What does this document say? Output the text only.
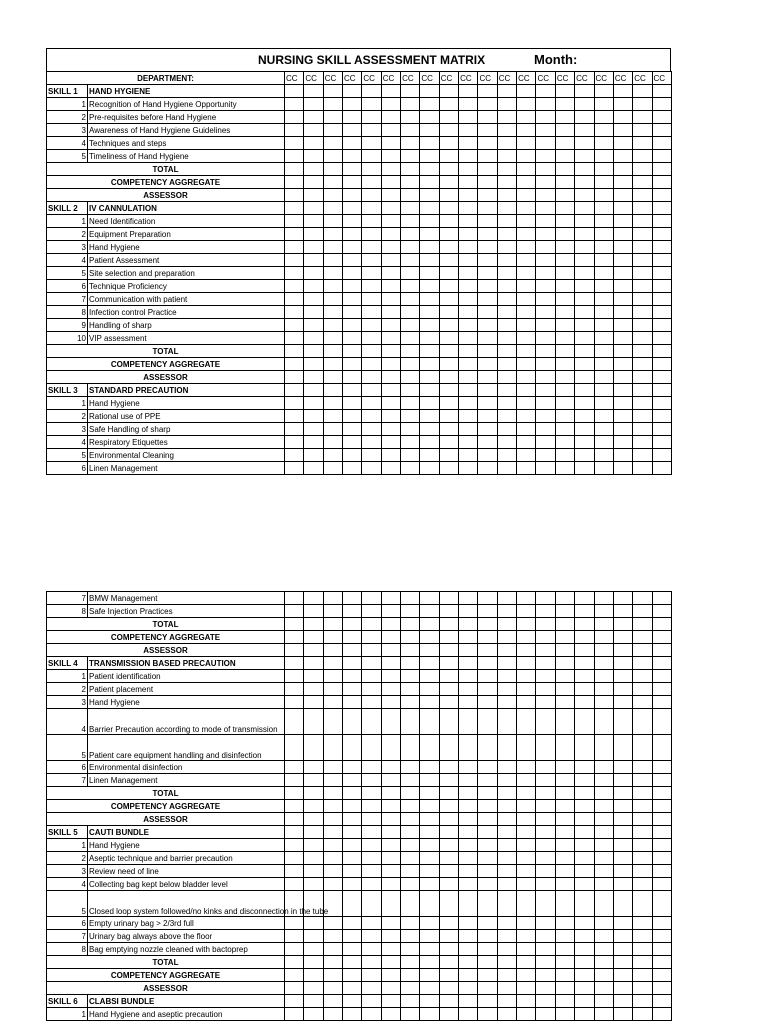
NURSING SKILL ASSESSMENT MATRIX	Month:
DEPARTMENT:		CC	CC	CC	CC	CC	CC	CC	CC	CC	CC	CC	CC	CC	CC	CC	CC	CC	CC	CC	CC
SKILL 1	HAND HYGIENE																				
1	Recognition of Hand Hygiene Opportunity																				
2	Pre-requisites before Hand Hygiene																				
3	Awareness of Hand Hygiene Guidelines																				
4	Techniques and steps																				
5	Timeliness of Hand Hygiene																				
TOTAL																					
COMPETENCY AGGREGATE																					
ASSESSOR																					
SKILL 2	IV CANNULATION																				
1	Need Identification																				
2	Equipment Preparation																				
3	Hand Hygiene																				
4	Patient Assessment																				
5	Site selection and preparation																				
6	Technique Proficiency																				
7	Communication with patient																				
8	Infection control Practice																				
9	Handling of sharp																				
10	VIP assessment																				
TOTAL																					
COMPETENCY AGGREGATE																					
ASSESSOR																					
SKILL 3	STANDARD PRECAUTION																				
1	Hand Hygiene																				
2	Rational use of PPE																				
3	Safe Handling of sharp																				
4	Respiratory Etiquettes																				
5	Environmental Cleaning																				
6	Linen Management																				
7	BMW Management																				
8	Safe Injection Practices																				
TOTAL																					
COMPETENCY AGGREGATE																					
ASSESSOR																					
SKILL 4	TRANSMISSION BASED PRECAUTION																				
1	Patient identification																				
2	Patient placement																				
3	Hand Hygiene																				
4	Barrier Precaution according to mode of transmission																				
5	Patient care equipment handling and disinfection																				
6	Environmental disinfection																				
7	Linen Management																				
TOTAL																					
COMPETENCY AGGREGATE																					
ASSESSOR																					
SKILL 5	CAUTI BUNDLE																				
1	Hand Hygiene																				
2	Aseptic technique and barrier precaution																				
3	Review need of line																				
4	Collecting bag kept below bladder level																				
5	Closed loop system followed/no kinks and disconnection in the tube																				
6	Empty urinary bag > 2/3rd full																				
7	Urinary bag always above the floor																				
8	Bag emptying nozzle cleaned with bactoprep																				
TOTAL																					
COMPETENCY AGGREGATE																					
ASSESSOR																					
SKILL 6	CLABSI BUNDLE																				
1	Hand Hygiene and aseptic precaution																				
